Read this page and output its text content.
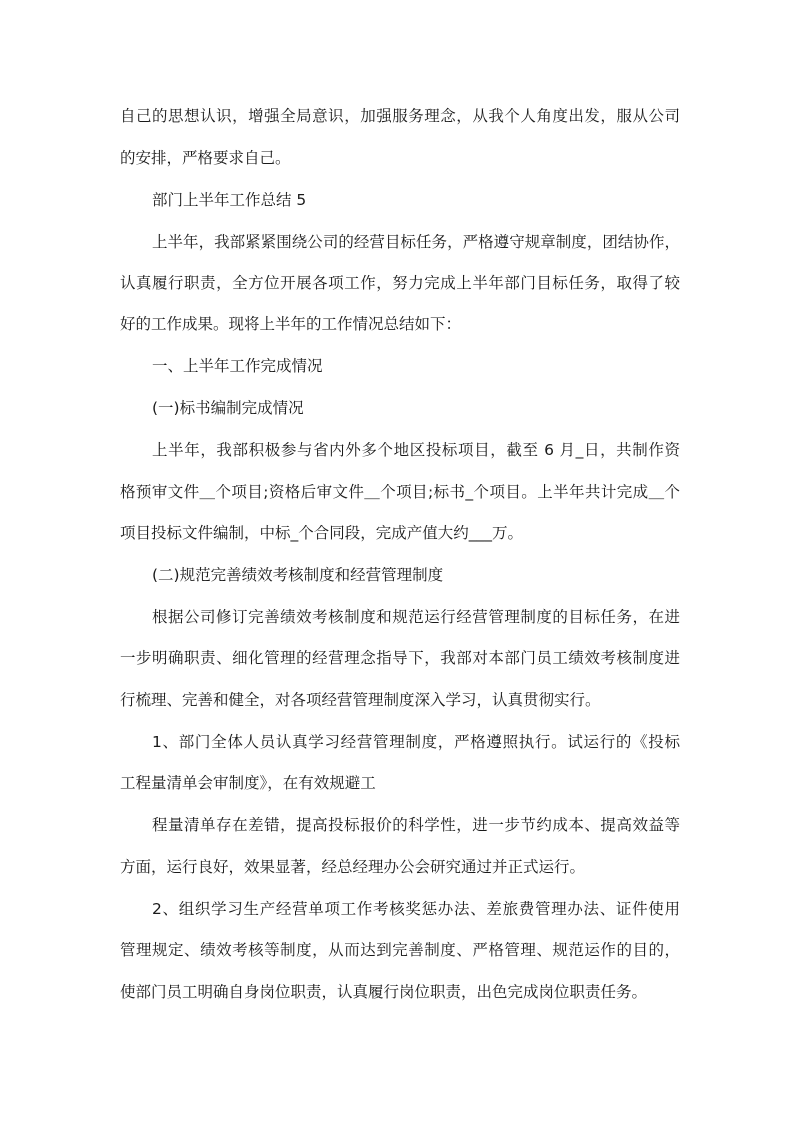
自己的思想认识，增强全局意识，加强服务理念，从我个人角度出发，服从公司
的安排，严格要求自己。
部门上半年工作总结 5
上半年，我部紧紧围绕公司的经营目标任务，严格遵守规章制度，团结协作，
认真履行职责，全方位开展各项工作，努力完成上半年部门目标任务，取得了较
好的工作成果。现将上半年的工作情况总结如下：
一、上半年工作完成情况
(一)标书编制完成情况
上半年，我部积极参与省内外多个地区投标项目，截至 6 月_日，共制作资
格预审文件＿个项目;资格后审文件＿个项目;标书_个项目。上半年共计完成＿个
项目投标文件编制，中标_个合同段，完成产值大约___万。
(二)规范完善绩效考核制度和经营管理制度
根据公司修订完善绩效考核制度和规范运行经营管理制度的目标任务，在进
一步明确职责、细化管理的经营理念指导下，我部对本部门员工绩效考核制度进
行梳理、完善和健全，对各项经营管理制度深入学习，认真贯彻实行。
1、部门全体人员认真学习经营管理制度，严格遵照执行。试运行的《投标
工程量清单会审制度》，在有效规避工
程量清单存在差错，提高投标报价的科学性，进一步节约成本、提高效益等
方面，运行良好，效果显著，经总经理办公会研究通过并正式运行。
2、组织学习生产经营单项工作考核奖惩办法、差旅费管理办法、证件使用
管理规定、绩效考核等制度，从而达到完善制度、严格管理、规范运作的目的，
使部门员工明确自身岗位职责，认真履行岗位职责，出色完成岗位职责任务。
